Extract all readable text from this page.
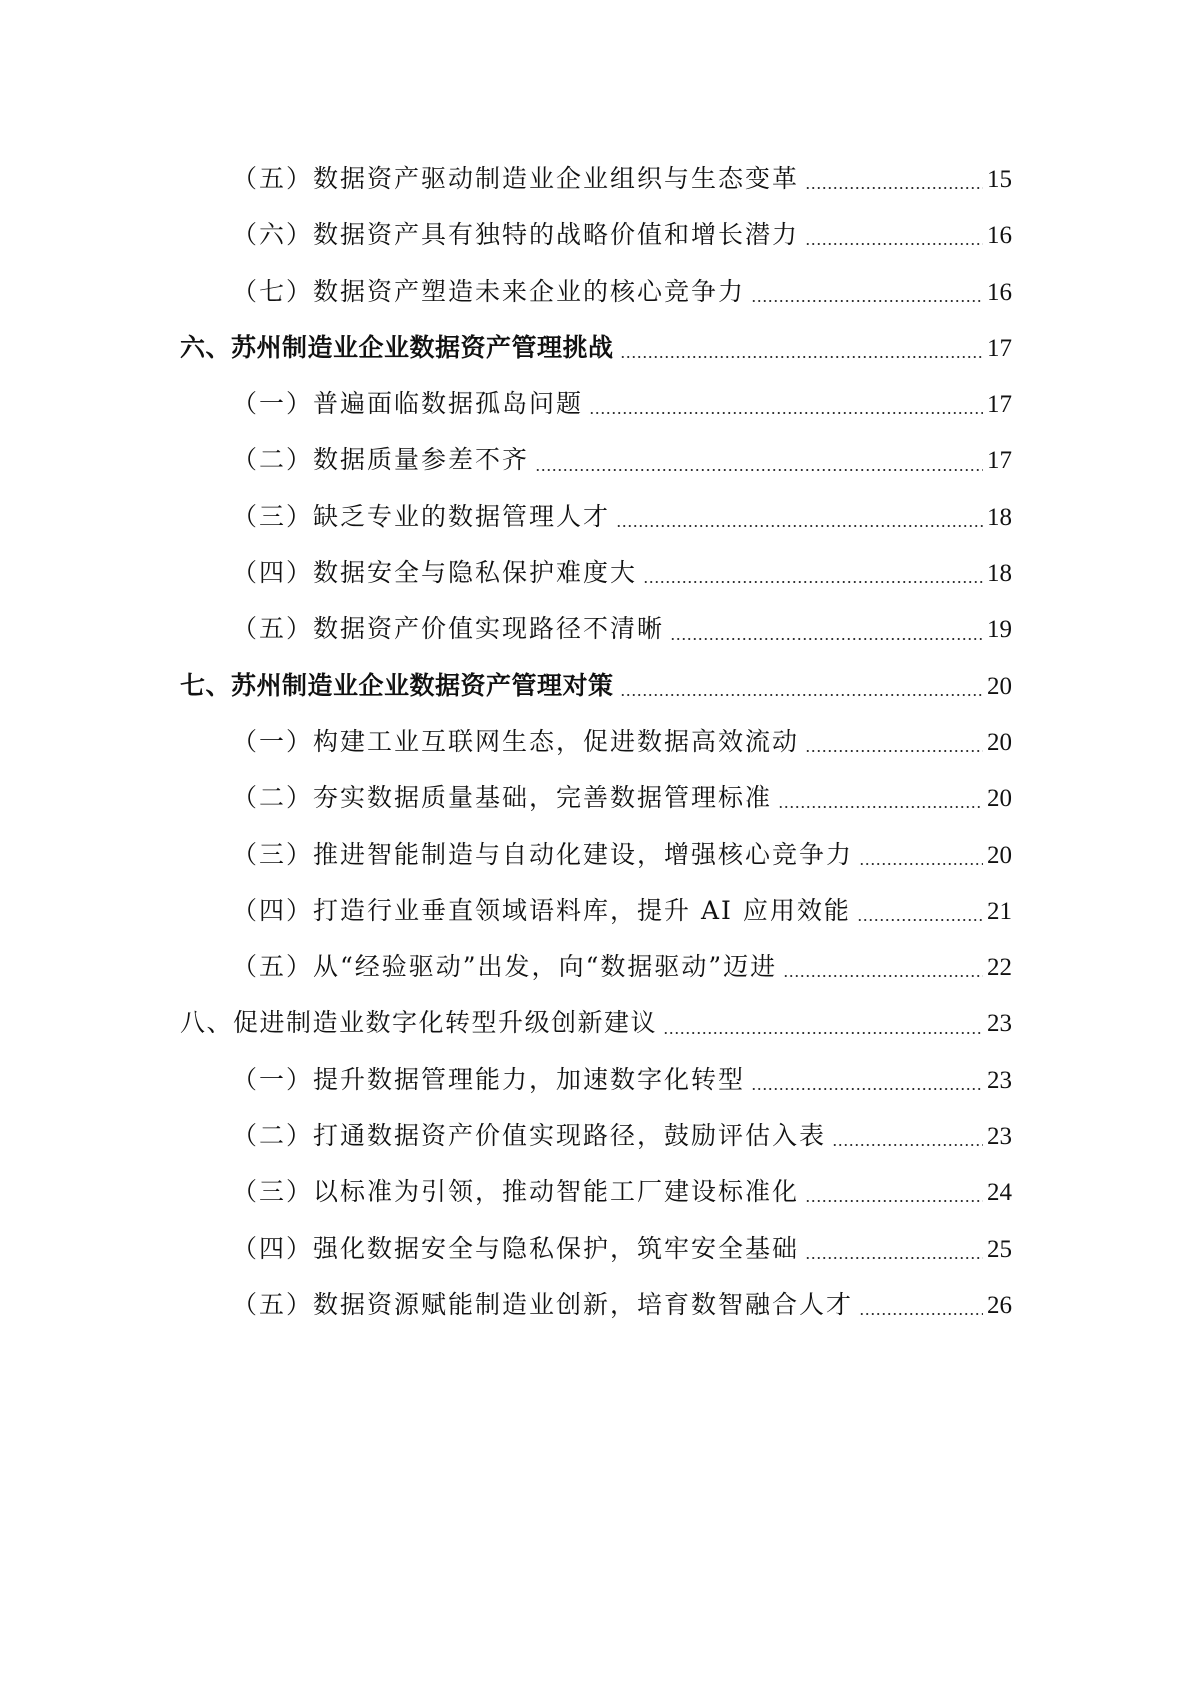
（五）数据资产驱动制造业企业组织与生态变革	15
（六）数据资产具有独特的战略价值和增长潜力	16
（七）数据资产塑造未来企业的核心竞争力	16
六、苏州制造业企业数据资产管理挑战	17
（一）普遍面临数据孤岛问题	17
（二）数据质量参差不齐	17
（三）缺乏专业的数据管理人才	18
（四）数据安全与隐私保护难度大	18
（五）数据资产价值实现路径不清晰	19
七、苏州制造业企业数据资产管理对策	20
（一）构建工业互联网生态，促进数据高效流动	20
（二）夯实数据质量基础，完善数据管理标准	20
（三）推进智能制造与自动化建设，增强核心竞争力	20
（四）打造行业垂直领域语料库，提升 AI 应用效能	21
（五）从“经验驱动”出发，向“数据驱动”迈进	22
八、促进制造业数字化转型升级创新建议	23
（一）提升数据管理能力，加速数字化转型	23
（二）打通数据资产价值实现路径，鼓励评估入表	23
（三）以标准为引领，推动智能工厂建设标准化	24
（四）强化数据安全与隐私保护，筑牢安全基础	25
（五）数据资源赋能制造业创新，培育数智融合人才	26
